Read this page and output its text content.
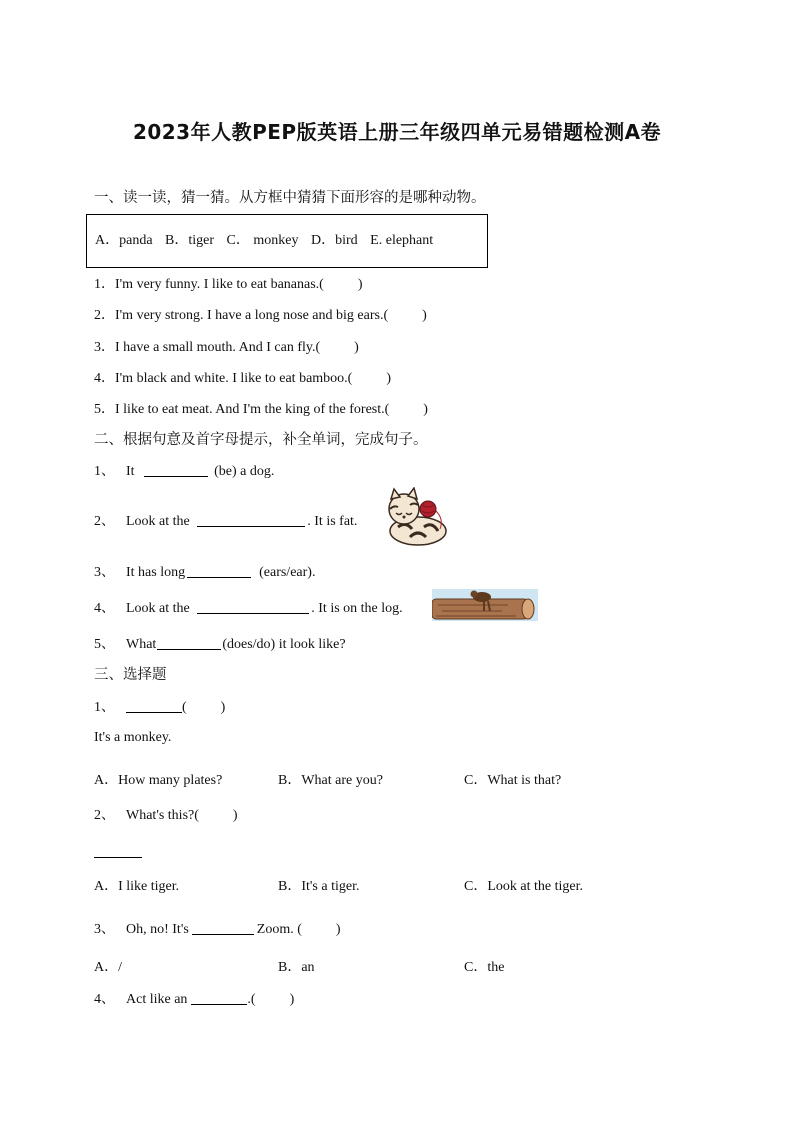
2023年人教PEP版英语上册三年级四单元易错题检测A卷
一、读一读，猜一猜。从方框中猜猜下面形容的是哪种动物。
A．panda B．tiger C． monkey D．bird E. elephant
1．I'm very funny. I like to eat bananas.( )
2．I'm very strong. I have a long nose and big ears.( )
3．I have a small mouth. And I can fly.( )
4．I'm black and white. I like to eat bamboo.( )
5．I like to eat meat. And I'm the king of the forest.( )
二、根据句意及首字母提示，补全单词，完成句子。
1、 It	(be) a dog.
2、 Look at the	. It is fat.
3、 It has long	(ears/ear).
4、 Look at the	. It is on the log.
5、 What	(does/do) it look like?
三、选择题
1、	( )
It's a monkey.
A．How many plates?	B．What are you?	C．What is that?
2、 What's this?( )
A．I like tiger.	B．It's a tiger.	C．Look at the tiger.
3、 Oh, no! It's	Zoom. ( )
A．/	B．an	C．the
4、 Act like an	.( )
